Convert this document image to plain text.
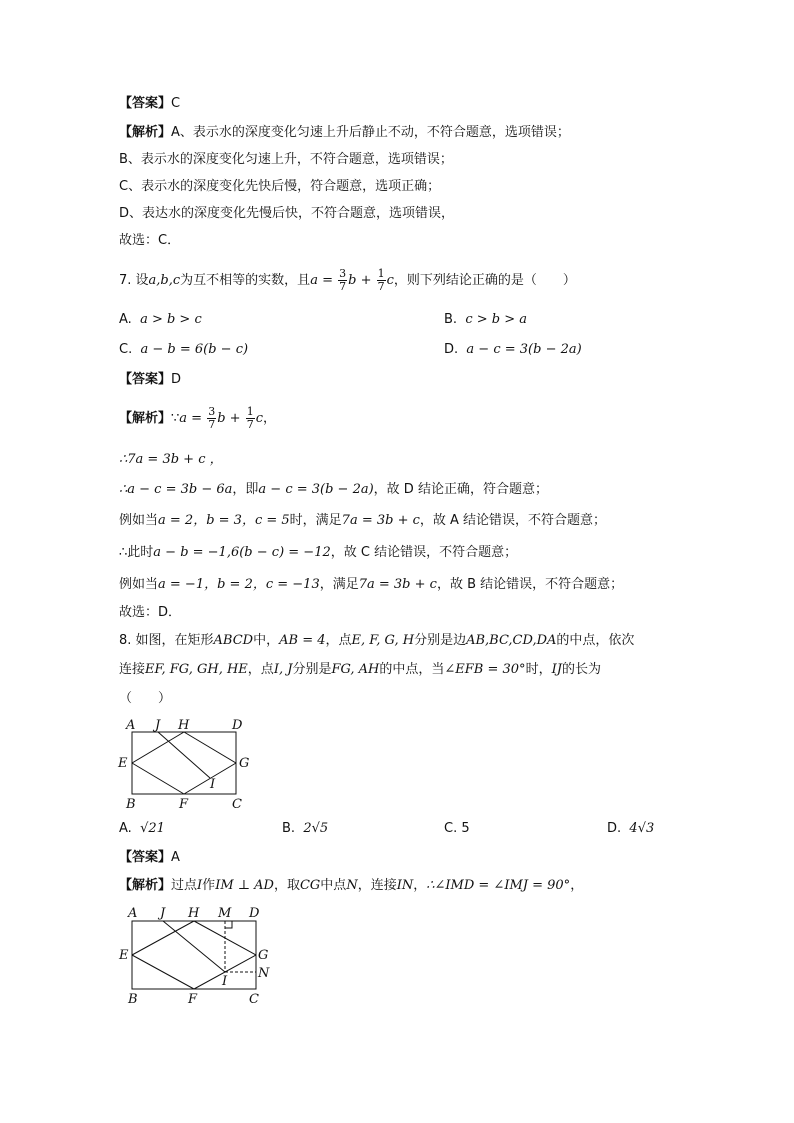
【答案】C
【解析】A、表示水的深度变化匀速上升后静止不动，不符合题意，选项错误；
B、表示水的深度变化匀速上升，不符合题意，选项错误；
C、表示水的深度变化先快后慢，符合题意，选项正确；
D、表达水的深度变化先慢后快，不符合题意，选项错误，
故选：C．
7. 设a,b,c为互不相等的实数，且$a = \frac{3}{7}$ $b + \frac{1}{7}$ c，则下列结论正确的是（　　）
A. a > b > c	B. c > b > a
C. a − b = 6(b − c)	D. a − c = 3(b − 2a)
【答案】D
【解析】∵a = $\frac{3}{7}$ $b + \frac{1}{7}$ c，
∴7a = 3b + c ，
∴a − c = 3b − 6a，即a − c = 3(b − 2a)，故 D 结论正确，符合题意；
例如当a = 2，b = 3，c = 5时，满足7a = 3b + c，故 A 结论错误，不符合题意；
∴此时a − b = −1,6(b − c) = −12，故 C 结论错误，不符合题意；
例如当a = −1，b = 2，c = −13，满足7a = 3b + c，故 B 结论错误，不符合题意；
故选：D．
8. 如图，在矩形ABCD中，AB = 4，点E, F, G, H分别是边AB,BC,CD,DA的中点，依次
连接EF, FG, GH, HE，点I, J分别是FG, AH的中点，当∠EFB = 30°时，IJ的长为
（　　）
A J H	D
E	G
I
B	F	C
A. √21	B. 2√5	C. 5	D. 4√3
【答案】A
【解析】过点I作IM ⊥ AD，取CG中点N，连接IN，∴∠IMD = ∠IMJ = 90°，
A J H M D
E	G
N
I
B	F	C
